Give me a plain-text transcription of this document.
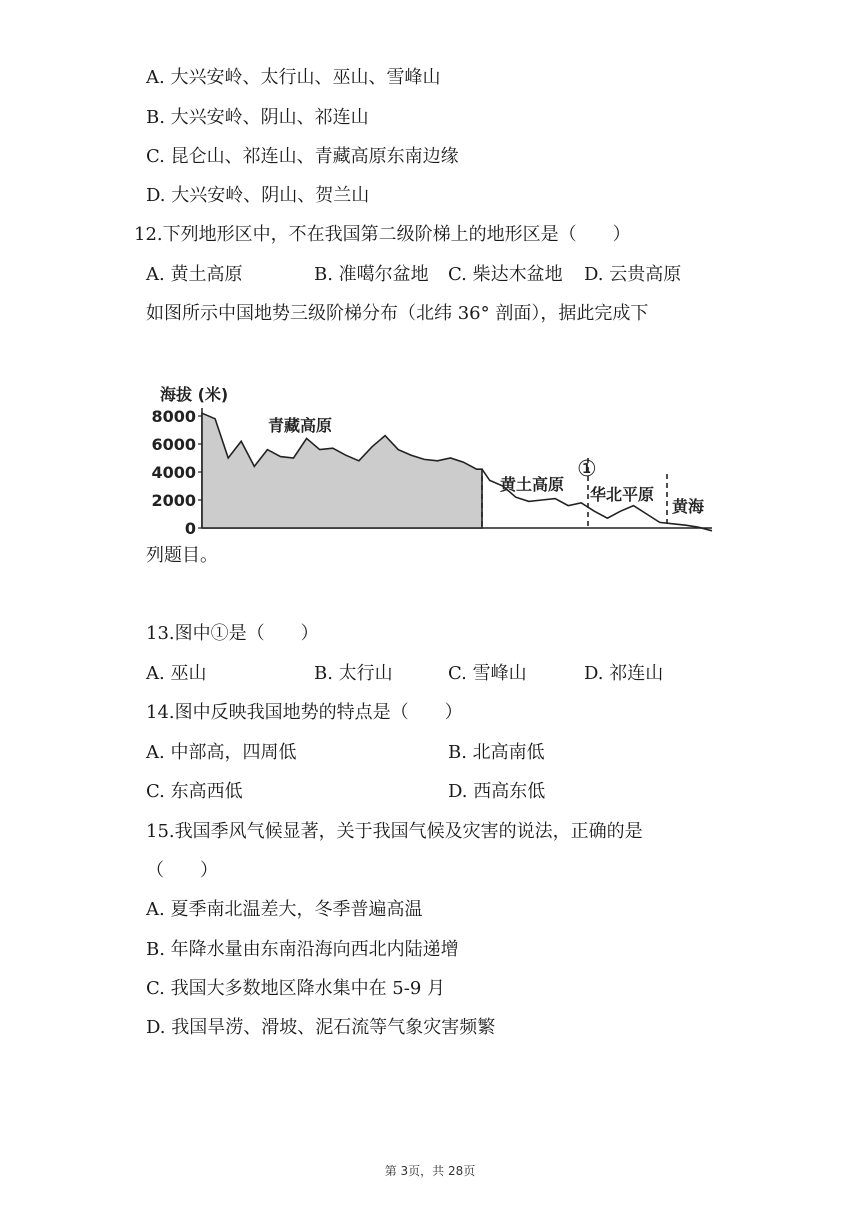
A. 大兴安岭、太行山、巫山、雪峰山
B. 大兴安岭、阴山、祁连山
C. 昆仑山、祁连山、青藏高原东南边缘
D. 大兴安岭、阴山、贺兰山
12.下列地形区中，不在我国第二级阶梯上的地形区是（　　）
A. 黄土高原	B. 准噶尔盆地 C. 柴达木盆地 D. 云贵高原
如图所示中国地势三级阶梯分布（北纬 36° 剖面），据此完成下
海拔 (米)
8000
6000
4000
2000
0
青藏高原
黄土高原
华北平原
黄海
①
列题目。
13.图中①是（　　）
A. 巫山	B. 太行山	C. 雪峰山	D. 祁连山
14.图中反映我国地势的特点是（　　）
A. 中部高，四周低	B. 北高南低
C. 东高西低	D. 西高东低
15.我国季风气候显著，关于我国气候及灾害的说法，正确的是
（　　）
A. 夏季南北温差大，冬季普遍高温
B. 年降水量由东南沿海向西北内陆递增
C. 我国大多数地区降水集中在 5-9 月
D. 我国旱涝、滑坡、泥石流等气象灾害频繁
第 3页，共 28页
